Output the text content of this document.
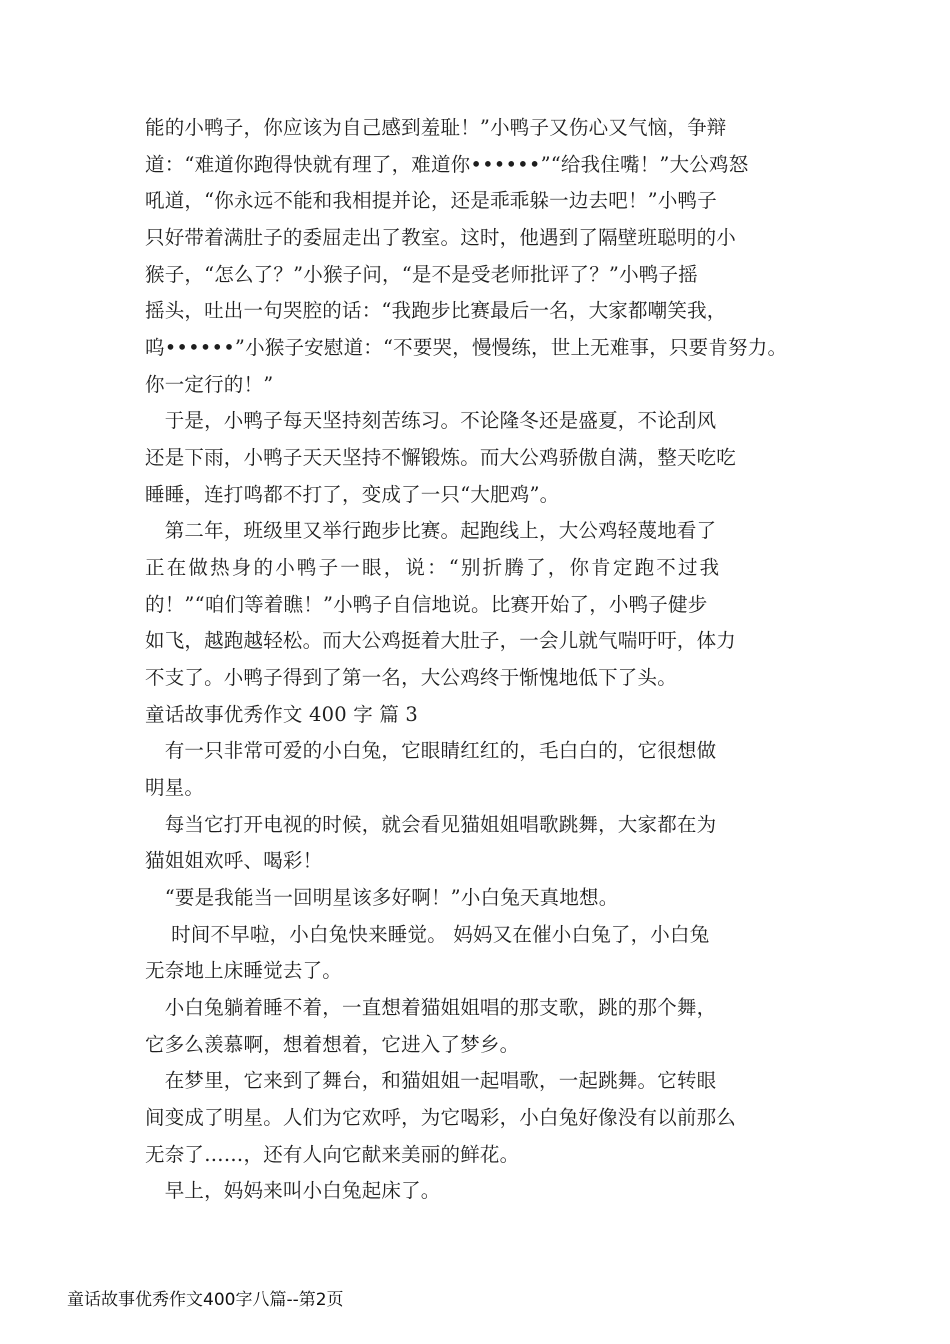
能的小鸭子，你应该为自己感到羞耻！”小鸭子又伤心又气恼，争辩
道：“难道你跑得快就有理了，难道你••••••”“给我住嘴！”大公鸡怒
吼道，“你永远不能和我相提并论，还是乖乖躲一边去吧！”小鸭子
只好带着满肚子的委屈走出了教室。这时，他遇到了隔壁班聪明的小
猴子，“怎么了？”小猴子问，“是不是受老师批评了？”小鸭子摇
摇头，吐出一句哭腔的话：“我跑步比赛最后一名，大家都嘲笑我，
呜••••••”小猴子安慰道：“不要哭，慢慢练，世上无难事，只要肯努力。
你一定行的！”
　于是，小鸭子每天坚持刻苦练习。不论隆冬还是盛夏，不论刮风
还是下雨，小鸭子天天坚持不懈锻炼。而大公鸡骄傲自满，整天吃吃
睡睡，连打鸣都不打了，变成了一只“大肥鸡”。
　第二年，班级里又举行跑步比赛。起跑线上，大公鸡轻蔑地看了
正在做热身的小鸭子一眼，说：“别折腾了，你肯定跑不过我
的！”“咱们等着瞧！”小鸭子自信地说。比赛开始了，小鸭子健步
如飞，越跑越轻松。而大公鸡挺着大肚子，一会儿就气喘吁吁，体力
不支了。小鸭子得到了第一名，大公鸡终于惭愧地低下了头。
童话故事优秀作文 400 字 篇 3
　有一只非常可爱的小白兔，它眼睛红红的，毛白白的，它很想做
明星。
　每当它打开电视的时候，就会看见猫姐姐唱歌跳舞，大家都在为
猫姐姐欢呼、喝彩！
　“要是我能当一回明星该多好啊！”小白兔天真地想。
　 时间不早啦，小白兔快来睡觉。 妈妈又在催小白兔了，小白兔
无奈地上床睡觉去了。
　小白兔躺着睡不着，一直想着猫姐姐唱的那支歌，跳的那个舞，
它多么羡慕啊，想着想着，它进入了梦乡。
　在梦里，它来到了舞台，和猫姐姐一起唱歌，一起跳舞。它转眼
间变成了明星。人们为它欢呼，为它喝彩，小白兔好像没有以前那么
无奈了……，还有人向它献来美丽的鲜花。
　早上，妈妈来叫小白兔起床了。
童话故事优秀作文400字八篇--第2页
